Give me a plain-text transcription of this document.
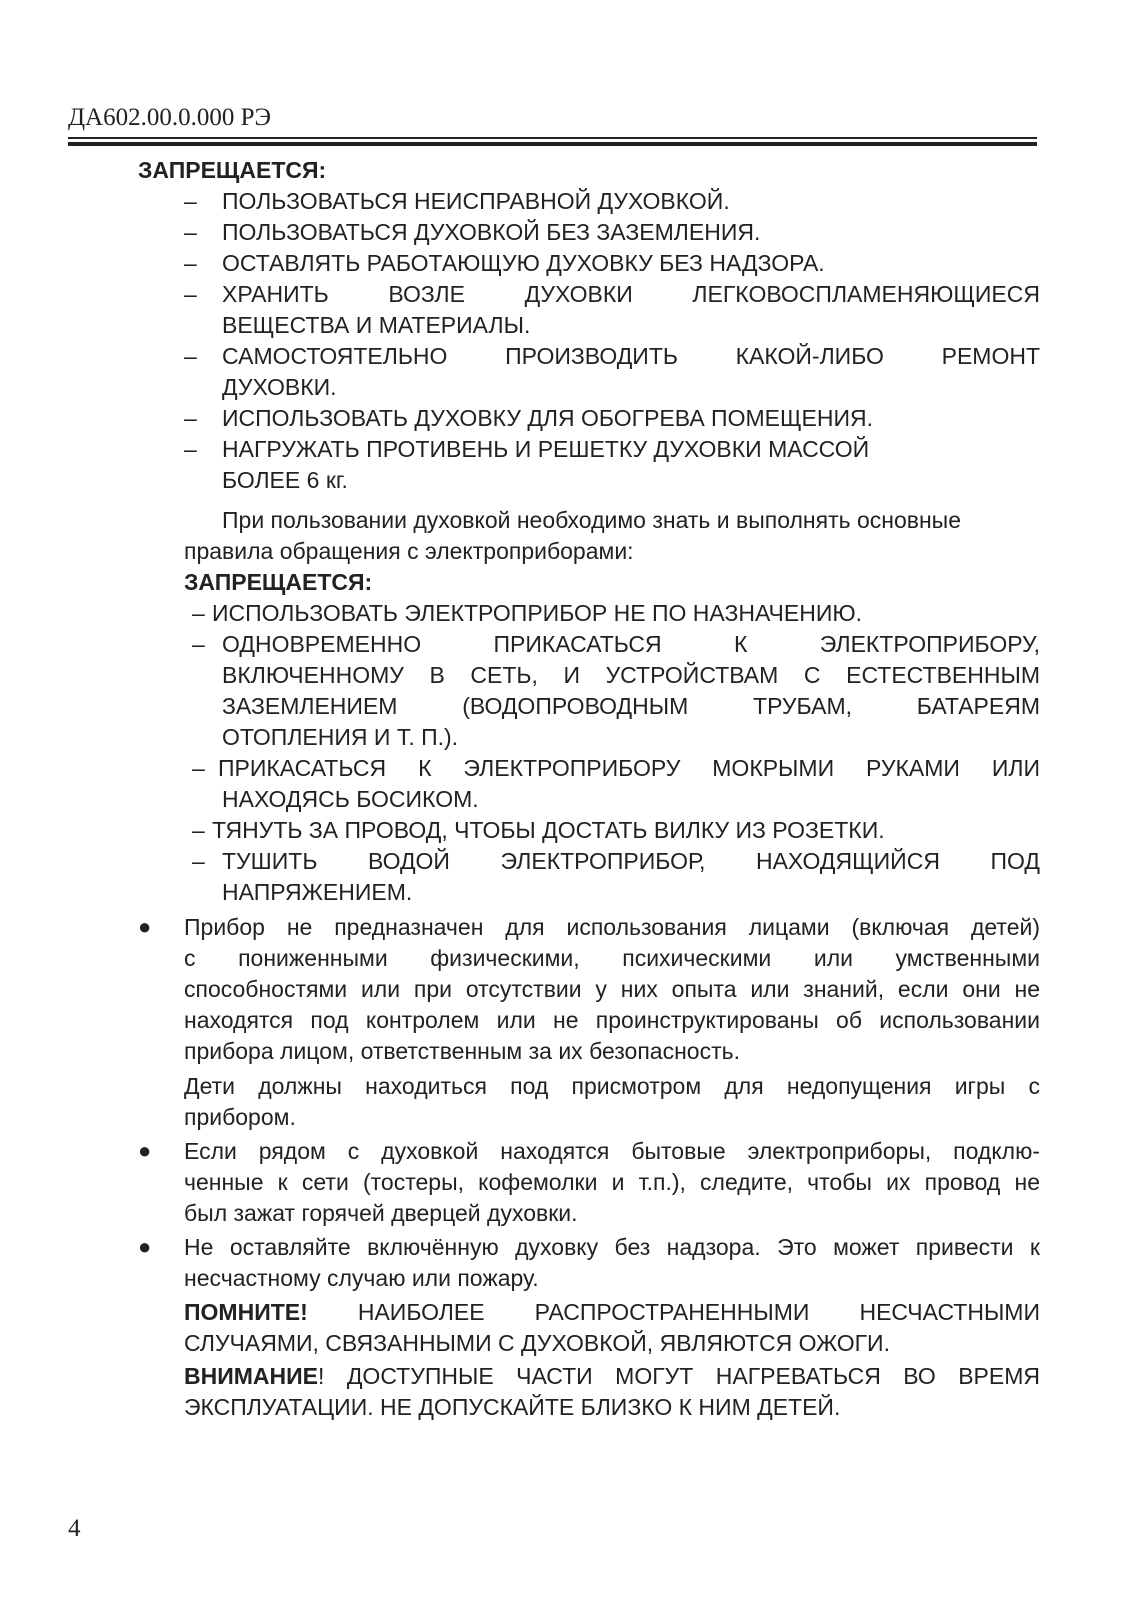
ДА602.00.0.000 РЭ
ЗАПРЕЩАЕТСЯ:
– ПОЛЬЗОВАТЬСЯ НЕИСПРАВНОЙ ДУХОВКОЙ.
– ПОЛЬЗОВАТЬСЯ ДУХОВКОЙ БЕЗ ЗАЗЕМЛЕНИЯ.
– ОСТАВЛЯТЬ РАБОТАЮЩУЮ ДУХОВКУ БЕЗ НАДЗОРА.
– ХРАНИТЬ ВОЗЛЕ ДУХОВКИ ЛЕГКОВОСПЛАМЕНЯЮЩИЕСЯ
ВЕЩЕСТВА И МАТЕРИАЛЫ.
– САМОСТОЯТЕЛЬНО ПРОИЗВОДИТЬ КАКОЙ-ЛИБО РЕМОНТ
ДУХОВКИ.
– ИСПОЛЬЗОВАТЬ ДУХОВКУ ДЛЯ ОБОГРЕВА ПОМЕЩЕНИЯ.
– НАГРУЖАТЬ ПРОТИВЕНЬ И РЕШЕТКУ ДУХОВКИ МАССОЙ
БОЛЕЕ 6 кг.
При пользовании духовкой необходимо знать и выполнять основные
правила обращения с электроприборами:
ЗАПРЕЩАЕТСЯ:
– ИСПОЛЬЗОВАТЬ ЭЛЕКТРОПРИБОР НЕ ПО НАЗНАЧЕНИЮ.
– ОДНОВРЕМЕННО ПРИКАСАТЬСЯ К ЭЛЕКТРОПРИБОРУ,
ВКЛЮЧЕННОМУ В СЕТЬ, И УСТРОЙСТВАМ С ЕСТЕСТВЕННЫМ
ЗАЗЕМЛЕНИЕМ (ВОДОПРОВОДНЫМ ТРУБАМ, БАТАРЕЯМ
ОТОПЛЕНИЯ И Т. П.).
– ПРИКАСАТЬСЯ К ЭЛЕКТРОПРИБОРУ МОКРЫМИ РУКАМИ ИЛИ
НАХОДЯСЬ БОСИКОМ.
– ТЯНУТЬ ЗА ПРОВОД, ЧТОБЫ ДОСТАТЬ ВИЛКУ ИЗ РОЗЕТКИ.
– ТУШИТЬ ВОДОЙ ЭЛЕКТРОПРИБОР, НАХОДЯЩИЙСЯ ПОД
НАПРЯЖЕНИЕМ.
● Прибор не предназначен для использования лицами (включая детей)
с пониженными физическими, психическими или умственными
способностями или при отсутствии у них опыта или знаний, если они не
находятся под контролем или не проинструктированы об использовании
прибора лицом, ответственным за их безопасность.
Дети должны находиться под присмотром для недопущения игры с
прибором.
● Если рядом с духовкой находятся бытовые электроприборы, подклю-
ченные к сети (тостеры, кофемолки и т.п.), следите, чтобы их провод не
был зажат горячей дверцей духовки.
● Не оставляйте включённую духовку без надзора. Это может привести к
несчастному случаю или пожару.
ПОМНИТЕ! НАИБОЛЕЕ РАСПРОСТРАНЕННЫМИ НЕСЧАСТНЫМИ
СЛУЧАЯМИ, СВЯЗАННЫМИ С ДУХОВКОЙ, ЯВЛЯЮТСЯ ОЖОГИ.
ВНИМАНИЕ! ДОСТУПНЫЕ ЧАСТИ МОГУТ НАГРЕВАТЬСЯ ВО ВРЕМЯ
ЭКСПЛУАТАЦИИ. НЕ ДОПУСКАЙТЕ БЛИЗКО К НИМ ДЕТЕЙ.
4
